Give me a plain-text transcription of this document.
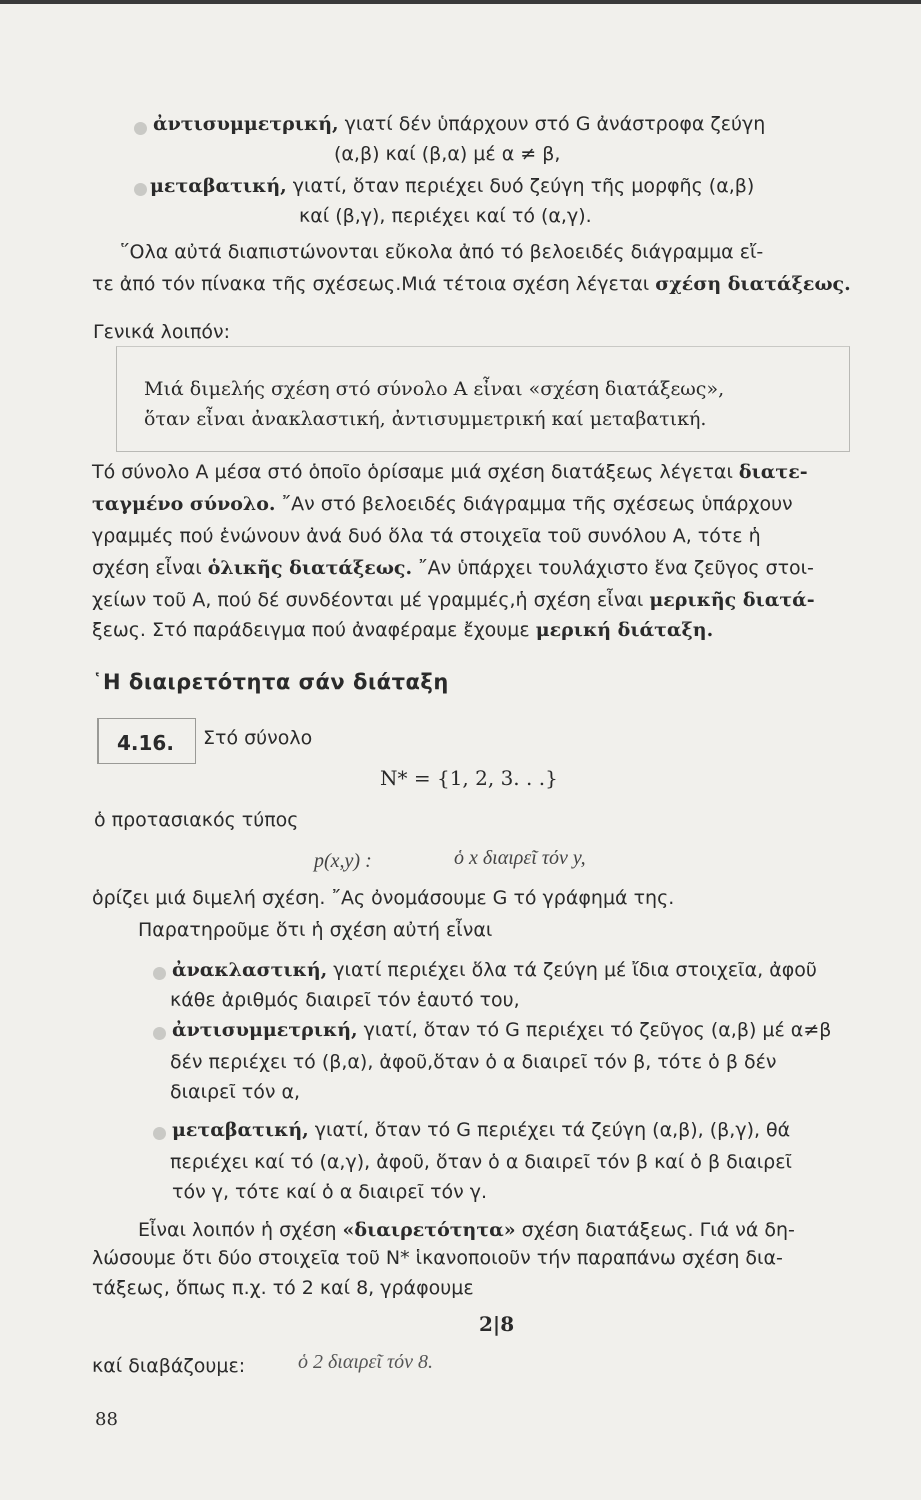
ἀντισυμμετρική, γιατί δέν ὑπάρχουν στό G ἀνάστροφα ζεύγη
(α,β) καί (β,α) μέ α ≠ β,
μεταβατική, γιατί, ὅταν περιέχει δυό ζεύγη τῆς μορφῆς (α,β)
καί (β,γ), περιέχει καί τό (α,γ).
῞Ολα αὐτά διαπιστώνονται εὔκολα ἀπό τό βελοειδές διάγραμμα εἴ-
τε ἀπό τόν πίνακα τῆς σχέσεως.Μιά τέτοια σχέση λέγεται σχέση διατάξεως.
Γενικά λοιπόν:
Μιά διμελής σχέση στό σύνολο Α εἶναι «σχέση διατάξεως»,
ὅταν εἶναι ἀνακλαστική, ἀντισυμμετρική καί μεταβατική.
Τό σύνολο Α μέσα στό ὁποῖο ὁρίσαμε μιά σχέση διατάξεως λέγεται διατε-
ταγμένο σύνολο. ῎Αν στό βελοειδές διάγραμμα τῆς σχέσεως ὑπάρχουν
γραμμές πού ἑνώνουν ἀνά δυό ὅλα τά στοιχεῖα τοῦ συνόλου Α, τότε ἡ
σχέση εἶναι ὁλικῆς διατάξεως. ῎Αν ὑπάρχει τουλάχιστο ἕνα ζεῦγος στοι-
χείων τοῦ Α, πού δέ συνδέονται μέ γραμμές,ἡ σχέση εἶναι μερικῆς διατά-
ξεως. Στό παράδειγμα πού ἀναφέραμε ἔχουμε μερική διάταξη.
῾Η διαιρετότητα σάν διάταξη
4.16. Στό σύνολο
N* = {1, 2, 3. . .}
ὁ προτασιακός τύπος
p(x,y) :	ὁ x διαιρεῖ τόν y,
ὁρίζει μιά διμελή σχέση. ῎Ας ὀνομάσουμε G τό γράφημά της.
Παρατηροῦμε ὅτι ἡ σχέση αὐτή εἶναι
ἀνακλαστική, γιατί περιέχει ὅλα τά ζεύγη μέ ἴδια στοιχεῖα, ἀφοῦ
κάθε ἀριθμός διαιρεῖ τόν ἑαυτό του,
ἀντισυμμετρική, γιατί, ὅταν τό G περιέχει τό ζεῦγος (α,β) μέ α≠β
δέν περιέχει τό (β,α), ἀφοῦ,ὅταν ὁ α διαιρεῖ τόν β, τότε ὁ β δέν
διαιρεῖ τόν α,
μεταβατική, γιατί, ὅταν τό G περιέχει τά ζεύγη (α,β), (β,γ), θά
περιέχει καί τό (α,γ), ἀφοῦ, ὅταν ὁ α διαιρεῖ τόν β καί ὁ β διαιρεῖ
τόν γ, τότε καί ὁ α διαιρεῖ τόν γ.
Εἶναι λοιπόν ἡ σχέση «διαιρετότητα» σχέση διατάξεως. Γιά νά δη-
λώσουμε ὅτι δύο στοιχεῖα τοῦ N* ἱκανοποιοῦν τήν παραπάνω σχέση δια-
τάξεως, ὅπως π.χ. τό 2 καί 8, γράφουμε
2|8
καί διαβάζουμε:	ὁ 2 διαιρεῖ τόν 8.
88
